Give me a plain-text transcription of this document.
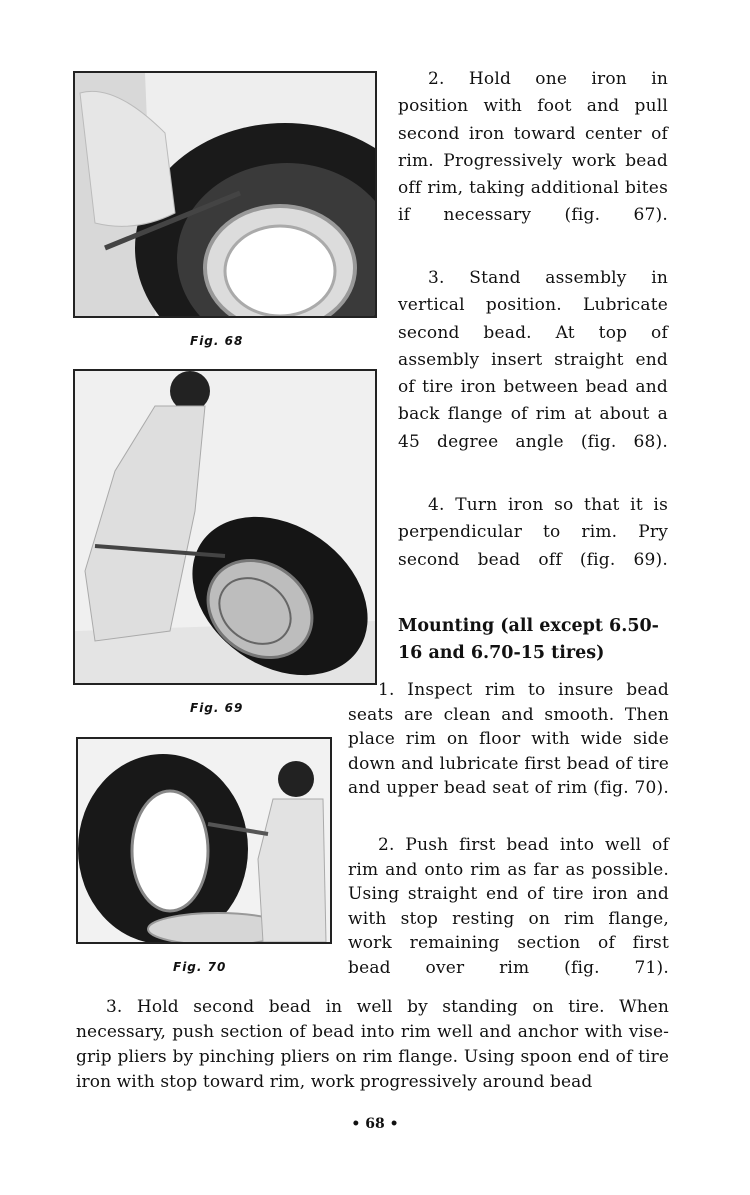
Fig. 68
Fig. 69
Fig. 70

2. Hold one iron in position with foot and pull second iron toward center of rim. Progressively work bead off rim, taking additional bites if necessary (fig. 67).

3. Stand assembly in vertical position. Lubricate second bead. At top of assembly insert straight end of tire iron between bead and back flange of rim at about a 45 degree angle (fig. 68).

4. Turn iron so that it is perpendicular to rim. Pry second bead off (fig. 69).

Mounting (all except 6.50-16 and 6.70-15 tires)

1. Inspect rim to insure bead seats are clean and smooth. Then place rim on floor with wide side down and lubricate first bead of tire and upper bead seat of rim (fig. 70).

2. Push first bead into well of rim and onto rim as far as possible. Using straight end of tire iron and with stop resting on rim flange, work remaining section of first bead over rim (fig. 71).

3. Hold second bead in well by standing on tire. When necessary, push section of bead into rim well and anchor with vise-grip pliers by pinching pliers on rim flange. Using spoon end of tire iron with stop toward rim, work progressively around bead

• 68 •
